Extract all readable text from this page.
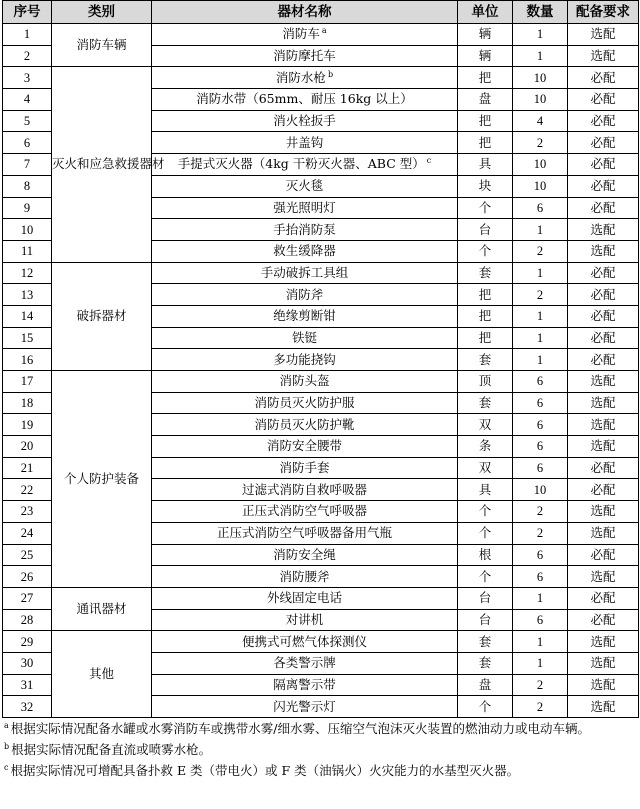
序号	类别	器材名称	单位	数量	配备要求
1	消防车辆	消防车 $^a$	辆	1	选配
2		消防摩托车	辆	1	选配
3	灭火和应急救援器材	消防水枪 $^b$	把	10	必配
4		消防水带（65mm、耐压 16kg 以上）	盘	10	必配
5		消火栓扳手	把	4	必配
6		井盖钩	把	2	必配
7		手提式灭火器（4kg 干粉灭火器、ABC 型） $^c$	具	10	必配
8		灭火毯	块	10	必配
9		强光照明灯	个	6	必配
10		手抬消防泵	台	1	选配
11		救生缓降器	个	2	选配
12	破拆器材	手动破拆工具组	套	1	必配
13		消防斧	把	2	必配
14		绝缘剪断钳	把	1	必配
15		铁铤	把	1	必配
16		多功能挠钩	套	1	必配
17	个人防护装备	消防头盔	顶	6	选配
18		消防员灭火防护服	套	6	选配
19		消防员灭火防护靴	双	6	选配
20		消防安全腰带	条	6	选配
21		消防手套	双	6	必配
22		过滤式消防自救呼吸器	具	10	必配
23		正压式消防空气呼吸器	个	2	选配
24		正压式消防空气呼吸器备用气瓶	个	2	选配
25		消防安全绳	根	6	必配
26		消防腰斧	个	6	选配
27	通讯器材	外线固定电话	台	1	必配
28		对讲机	台	6	必配
29	其他	便携式可燃气体探测仪	套	1	选配
30		各类警示牌	套	1	选配
31		隔离警示带	盘	2	选配
32		闪光警示灯	个	2	选配
$^a$ 根据实际情况配备水罐或水雾消防车或携带水雾/细水雾、压缩空气泡沫灭火装置的燃油动力或电动车辆。
$^b$ 根据实际情况配备直流或喷雾水枪。
$^c$ 根据实际情况可增配具备扑救 E 类（带电火）或 F 类（油锅火）火灾能力的水基型灭火器。
